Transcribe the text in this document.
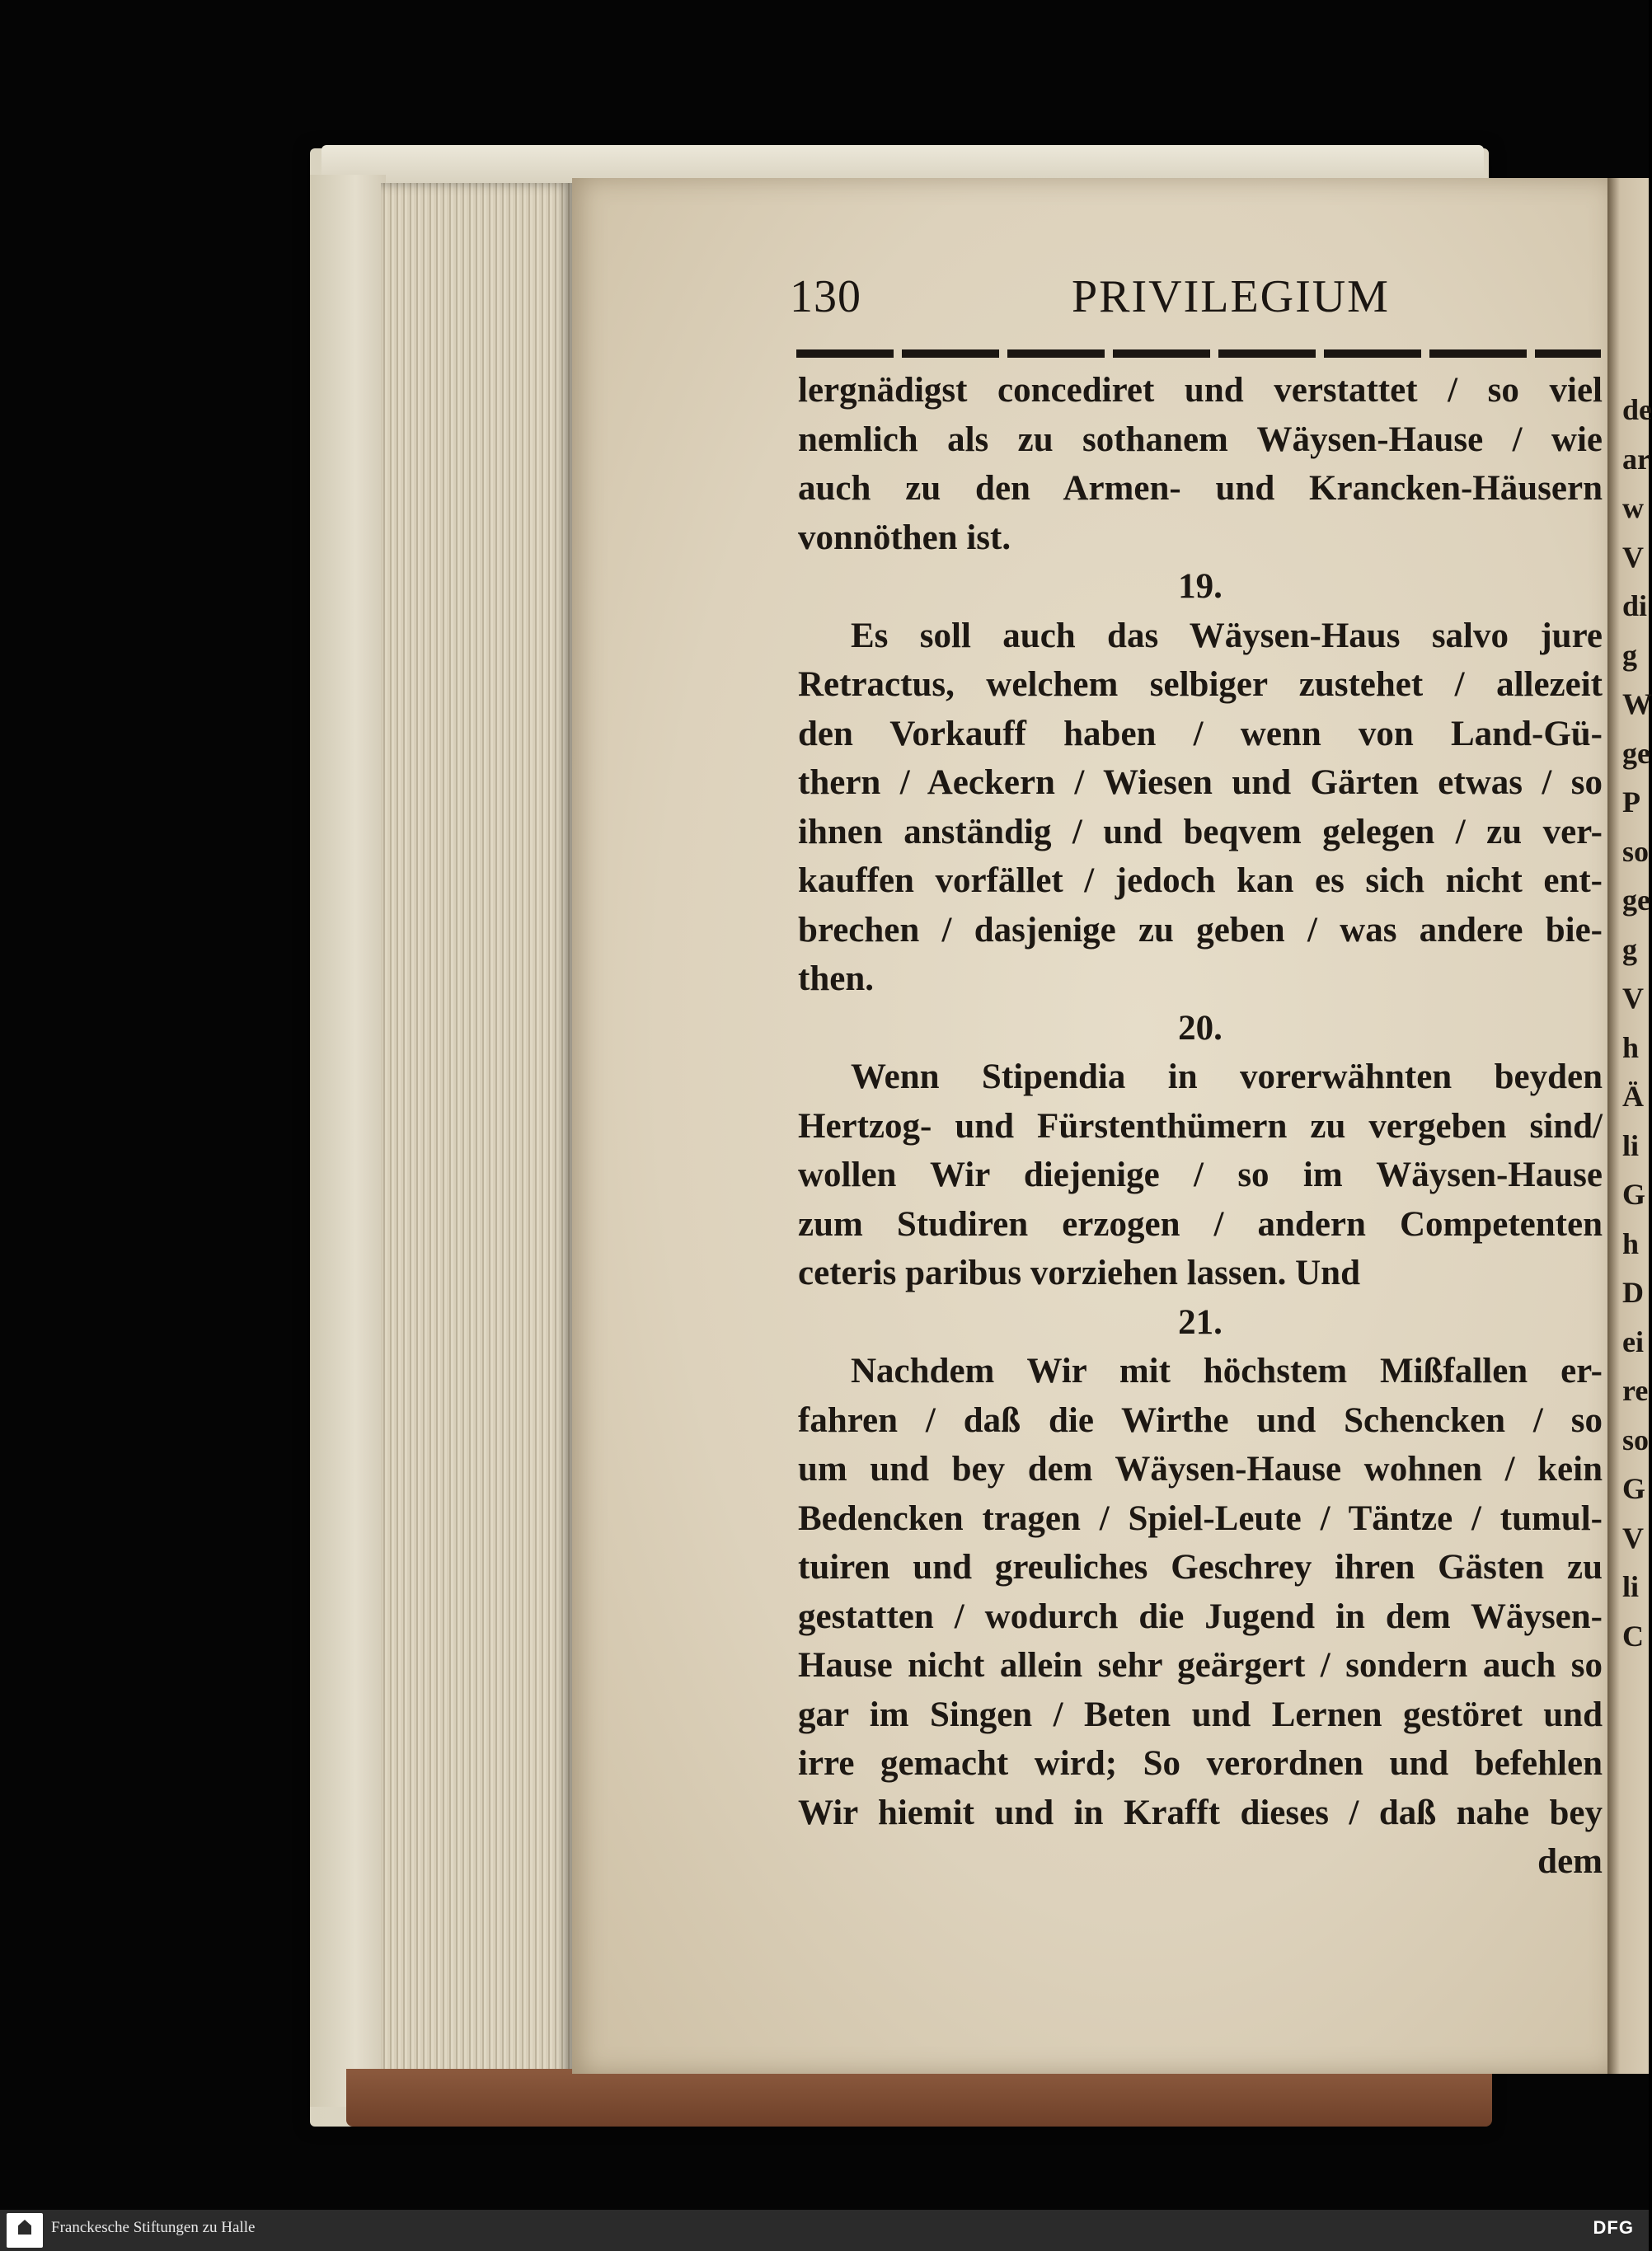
de
ar
w
V
di
g
W
ge
P
so
ge
g
V
h
Ä
li
G
h
D
ei
re
so
G
V
li
C
130	PRIVILEGIUM
lergnädigst concediret und verstattet / so viel
nemlich als zu sothanem Wäysen-Hause / wie
auch zu den Armen- und Krancken-Häusern
vonnöthen ist.
19.
Es soll auch das Wäysen-Haus salvo jure
Retractus, welchem selbiger zustehet / allezeit
den Vorkauff haben / wenn von Land-Gü-
thern / Aeckern / Wiesen und Gärten etwas / so
ihnen anständig / und beqvem gelegen / zu ver-
kauffen vorfället / jedoch kan es sich nicht ent-
brechen / dasjenige zu geben / was andere bie-
then.
20.
Wenn Stipendia in vorerwähnten beyden
Hertzog- und Fürstenthümern zu vergeben sind/
wollen Wir diejenige / so im Wäysen-Hause
zum Studiren erzogen / andern Competenten
ceteris paribus vorziehen lassen. Und
21.
Nachdem Wir mit höchstem Mißfallen er-
fahren / daß die Wirthe und Schencken / so
um und bey dem Wäysen-Hause wohnen / kein
Bedencken tragen / Spiel-Leute / Täntze / tumul-
tuiren und greuliches Geschrey ihren Gästen zu
gestatten / wodurch die Jugend in dem Wäysen-
Hause nicht allein sehr geärgert / sondern auch so
gar im Singen / Beten und Lernen gestöret und
irre gemacht wird; So verordnen und befehlen
Wir hiemit und in Krafft dieses / daß nahe bey
dem
Franckesche Stiftungen zu Halle	DFG
